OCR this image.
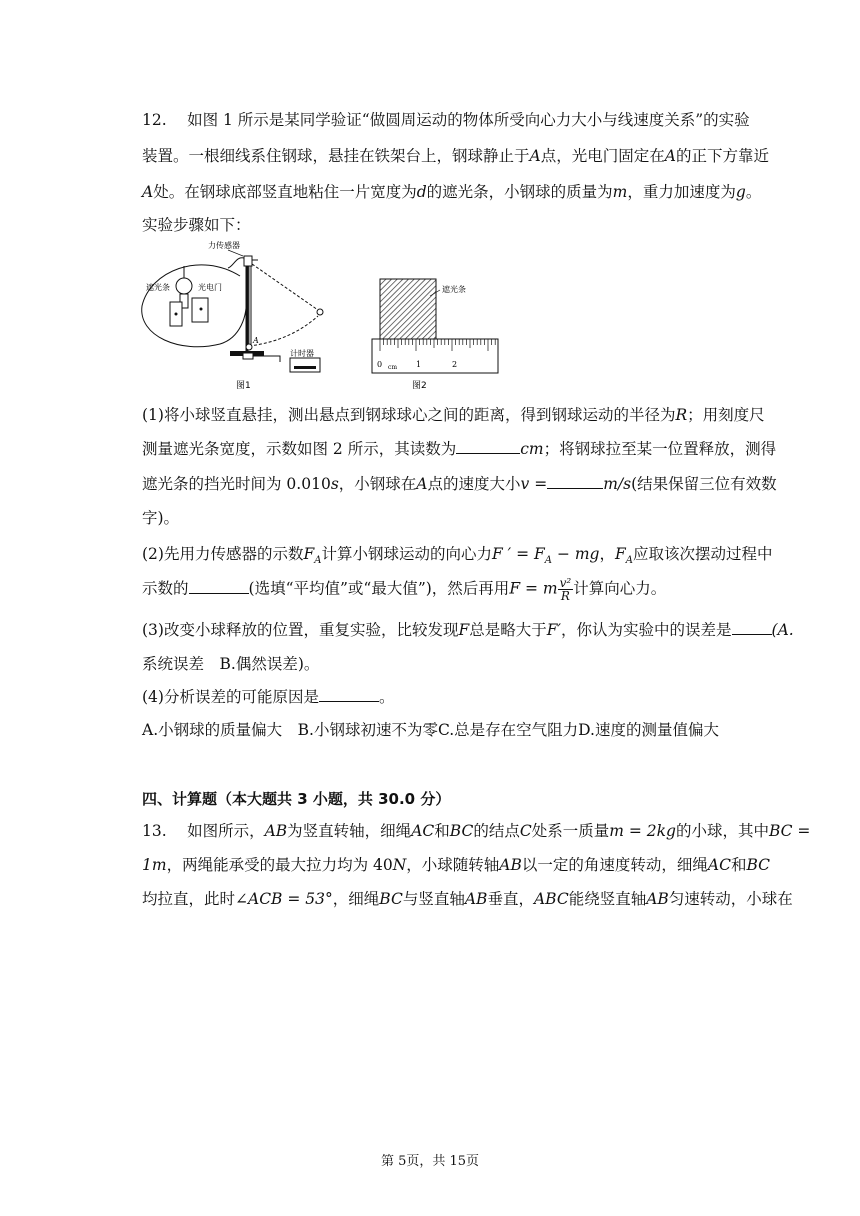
12.　 如图 1 所示是某同学验证“做圆周运动的物体所受向心力大小与线速度关系”的实验
装置。一根细线系住钢球，悬挂在铁架台上，钢球静止于A点，光电门固定在A的正下方靠近
A处。在钢球底部竖直地粘住一片宽度为d的遮光条，小钢球的质量为m，重力加速度为g。
实验步骤如下：
力传感器
A
计时器
遮光条	光电门
图1
遮光条
0 cm 1	2
图2
(1)将小球竖直悬挂，测出悬点到钢球球心之间的距离，得到钢球运动的半径为R；用刻度尺
测量遮光条宽度，示数如图 2 所示，其读数为	cm；将钢球拉至某一位置释放，测得
遮光条的挡光时间为 0.010s，小钢球在A点的速度大小v =	m/s(结果保留三位有效数
字)。
(2)先用力传感器的示数$F_A$计算小钢球运动的向心力F ′ = $F_A$ − mg，$F_A$应取该次摆动过程中
示数的	(选填“平均值”或“最大值”)，然后再用F = m $\frac{\text{v²}}{R}$ 计算向心力。
(3)改变小球释放的位置，重复实验，比较发现F总是略大于F′，你认为实验中的误差是	(A.
系统误差　B.偶然误差)。
(4)分析误差的可能原因是	。
A.小钢球的质量偏大　B.小钢球初速不为零C.总是存在空气阻力D.速度的测量值偏大
四、计算题（本大题共 3 小题，共 30.0 分）
13.　 如图所示，AB为竖直转轴，细绳AC和BC的结点C处系一质量m = 2kg的小球，其中BC =
1m，两绳能承受的最大拉力均为 40N，小球随转轴AB以一定的角速度转动，细绳AC和BC
均拉直，此时∠ACB = 53°，细绳BC与竖直轴AB垂直，ABC能绕竖直轴AB匀速转动，小球在
第 5页，共 15页
